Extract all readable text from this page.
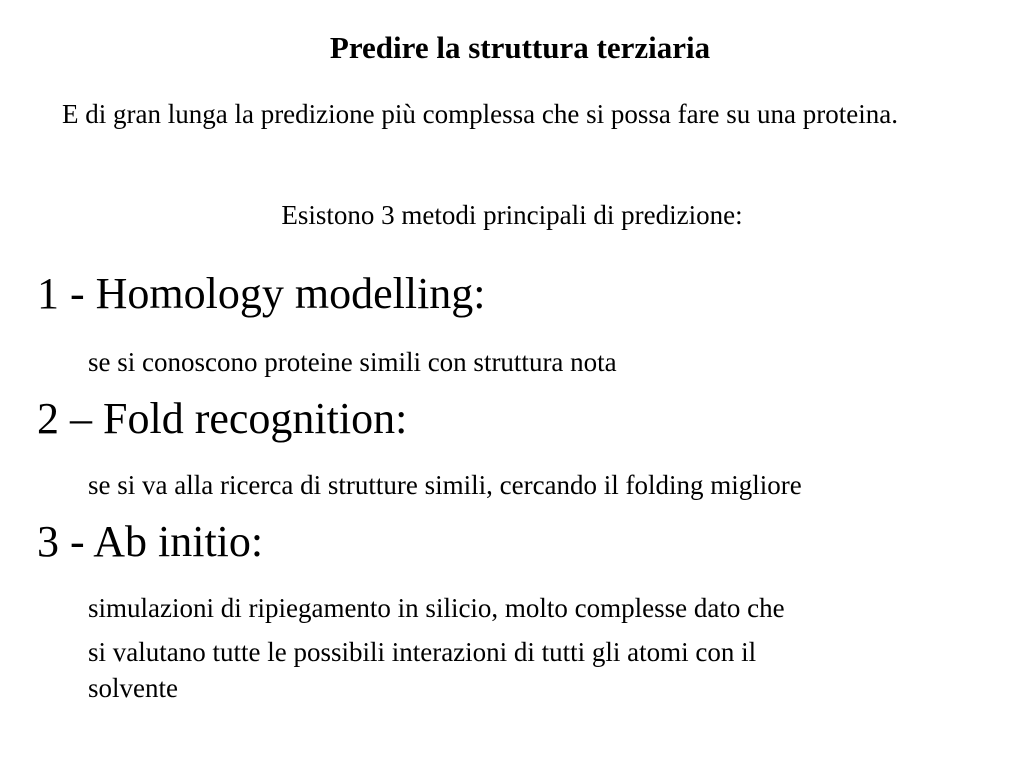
Predire la struttura terziaria
E di gran lunga la predizione più complessa che si possa fare su una proteina.
Esistono 3 metodi principali di predizione:
1 - Homology modelling:
se si conoscono proteine simili con struttura nota
2 – Fold recognition:
se si va alla ricerca di strutture simili, cercando il folding migliore
3 - Ab initio:
simulazioni di ripiegamento in silicio, molto complesse dato che
si valutano tutte le possibili interazioni di tutti gli atomi con il
solvente
